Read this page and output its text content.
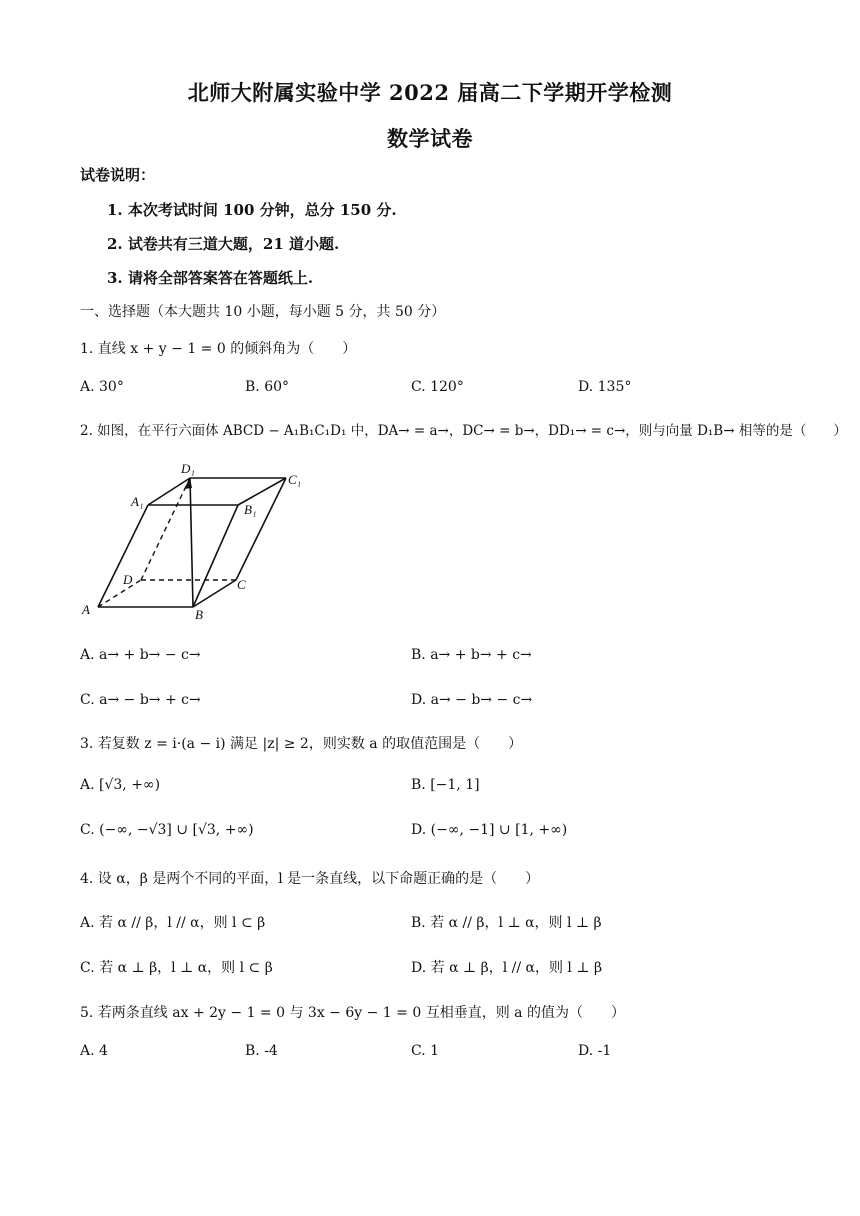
北师大附属实验中学 2022 届高二下学期开学检测
数学试卷
试卷说明：
1. 本次考试时间 100 分钟，总分 150 分.
2. 试卷共有三道大题，21 道小题.
3. 请将全部答案答在答题纸上.
一、选择题（本大题共 10 小题，每小题 5 分，共 50 分）
1. 直线 x + y − 1 = 0 的倾斜角为（　　）
A. 30°	B. 60°	C. 120°	D. 135°
2. 如图，在平行六面体 ABCD − A₁B₁C₁D₁ 中，DA→ = a→，DC→ = b→，DD₁→ = c→，则与向量 D₁B→ 相等的是（　　）
A	B
C
D
A₁
B₁
C₁
D₁
A. a→ + b→ − c→	B. a→ + b→ + c→
C. a→ − b→ + c→	D. a→ − b→ − c→
3. 若复数 z = i·(a − i) 满足 |z| ≥ 2，则实数 a 的取值范围是（　　）
A. [√3, +∞)	B. [−1, 1]
C. (−∞, −√3] ∪ [√3, +∞)	D. (−∞, −1] ∪ [1, +∞)
4. 设 α，β 是两个不同的平面，l 是一条直线，以下命题正确的是（　　）
A. 若 α // β，l // α，则 l ⊂ β	B. 若 α // β，l ⊥ α，则 l ⊥ β
C. 若 α ⊥ β，l ⊥ α，则 l ⊂ β	D. 若 α ⊥ β，l // α，则 l ⊥ β
5. 若两条直线 ax + 2y − 1 = 0 与 3x − 6y − 1 = 0 互相垂直，则 a 的值为（　　）
A. 4	B. -4	C. 1	D. -1
